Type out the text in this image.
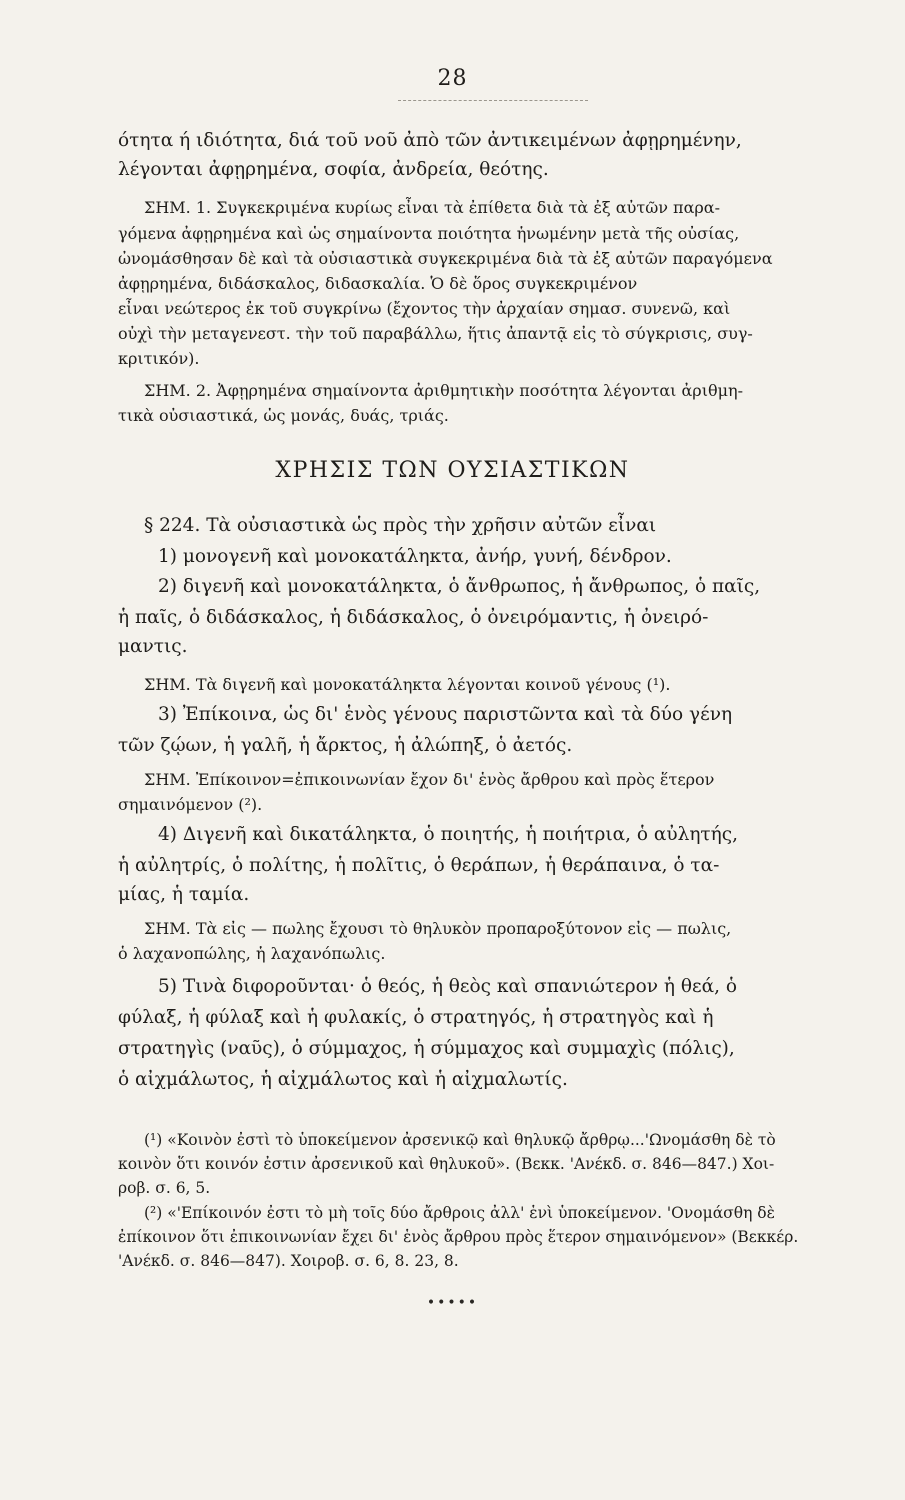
28
ότητα ή ιδιότητα, διά τοῦ νοῦ ἀπὸ τῶν ἀντικειμένων ἀφῃρημένην,
λέγονται ἀφῃρημένα, σοφία, ἀνδρεία, θεότης.
ΣΗΜ. 1. Συγκεκριμένα κυρίως εἶναι τὰ ἐπίθετα διὰ τὰ ἐξ αὐτῶν παρα-
γόμενα ἀφῃρημένα καὶ ὡς σημαίνοντα ποιότητα ἡνωμένην μετὰ τῆς οὐσίας,
ὠνομάσθησαν δὲ καὶ τὰ οὐσιαστικὰ συγκεκριμένα διὰ τὰ ἐξ αὐτῶν παραγόμενα
ἀφῃρημένα, διδάσκαλος, διδασκαλία. Ὁ δὲ ὅρος συγκεκριμένον
εἶναι νεώτερος ἐκ τοῦ συγκρίνω (ἔχοντος τὴν ἀρχαίαν σημασ. συνενῶ, καὶ
οὐχὶ τὴν μεταγενεστ. τὴν τοῦ παραβάλλω, ἥτις ἀπαντᾷ εἰς τὸ σύγκρισις, συγ-
κριτικόν).
ΣΗΜ. 2. Ἀφῃρημένα σημαίνοντα ἀριθμητικὴν ποσότητα λέγονται ἀριθμη-
τικὰ οὐσιαστικά, ὡς μονάς, δυάς, τριάς.
ΧΡΗΣΙΣ ΤΩΝ ΟΥΣΙΑΣΤΙΚΩΝ
§ 224. Τὰ οὐσιαστικὰ ὡς πρὸς τὴν χρῆσιν αὐτῶν εἶναι
1) μονογενῆ καὶ μονοκατάληκτα, ἀνήρ, γυνή, δένδρον.
2) διγενῆ καὶ μονοκατάληκτα, ὁ ἄνθρωπος, ἡ ἄνθρωπος, ὁ παῖς,
ἡ παῖς, ὁ διδάσκαλος, ἡ διδάσκαλος, ὁ ὀνειρόμαντις, ἡ ὀνειρό-
μαντις.
ΣΗΜ. Τὰ διγενῆ καὶ μονοκατάληκτα λέγονται κοινοῦ γένους (¹).
3) Ἐπίκοινα, ὡς δι' ἑνὸς γένους παριστῶντα καὶ τὰ δύο γένη
τῶν ζῴων, ἡ γαλῆ, ἡ ἄρκτος, ἡ ἀλώπηξ, ὁ ἀετός.
ΣΗΜ. Ἐπίκοινον=ἐπικοινωνίαν ἔχον δι' ἑνὸς ἄρθρου καὶ πρὸς ἕτερον
σημαινόμενον (²).
4) Διγενῆ καὶ δικατάληκτα, ὁ ποιητής, ἡ ποιήτρια, ὁ αὐλητής,
ἡ αὐλητρίς, ὁ πολίτης, ἡ πολῖτις, ὁ θεράπων, ἡ θεράπαινα, ὁ τα-
μίας, ἡ ταμία.
ΣΗΜ. Τὰ εἰς — πωλης ἔχουσι τὸ θηλυκὸν προπαροξύτονον εἰς — πωλις,
ὁ λαχανοπώλης, ἡ λαχανόπωλις.
5) Τινὰ διφοροῦνται· ὁ θεός, ἡ θεὸς καὶ σπανιώτερον ἡ θεά, ὁ
φύλαξ, ἡ φύλαξ καὶ ἡ φυλακίς, ὁ στρατηγός, ἡ στρατηγὸς καὶ ἡ
στρατηγὶς (ναῦς), ὁ σύμμαχος, ἡ σύμμαχος καὶ συμμαχὶς (πόλις),
ὁ αἰχμάλωτος, ἡ αἰχμάλωτος καὶ ἡ αἰχμαλωτίς.
(¹) «Κοινὸν ἐστὶ τὸ ὑποκείμενον ἀρσενικῷ καὶ θηλυκῷ ἄρθρῳ...'Ωνομάσθη δὲ τὸ
κοινὸν ὅτι κοινόν ἐστιν ἀρσενικοῦ καὶ θηλυκοῦ». (Βεκκ. 'Ανέκδ. σ. 846—847.) Χοι-
ροβ. σ. 6, 5.
(²) «'Επίκοινόν ἐστι τὸ μὴ τοῖς δύο ἄρθροις ἀλλ' ἑνὶ ὑποκείμενον. 'Ονομάσθη δὲ
ἐπίκοινον ὅτι ἐπικοινωνίαν ἔχει δι' ἑνὸς ἄρθρου πρὸς ἕτερον σημαινόμενον» (Βεκκέρ.
'Ανέκδ. σ. 846—847). Χοιροβ. σ. 6, 8. 23, 8.
•••••
